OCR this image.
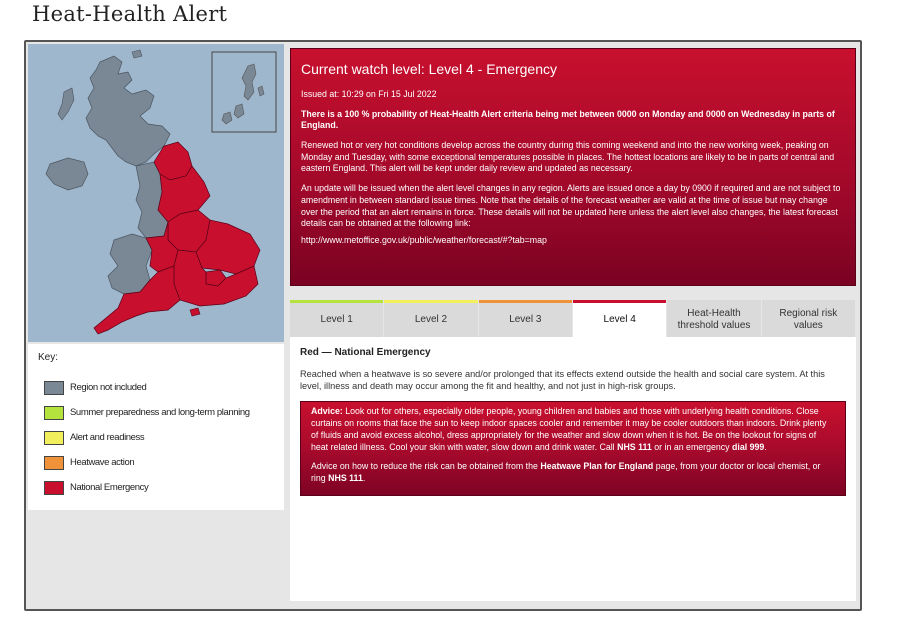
Heat-Health Alert
Key:
Region not included
Summer preparedness and long-term planning
Alert and readiness
Heatwave action
National Emergency
Current watch level: Level 4 - Emergency

Issued at: 10:29 on Fri 15 Jul 2022

There is a 100 % probability of Heat-Health Alert criteria being met between 0000 on Monday and 0000 on Wednesday in parts of England.

Renewed hot or very hot conditions develop across the country during this coming weekend and into the new working week, peaking on Monday and Tuesday, with some exceptional temperatures possible in places. The hottest locations are likely to be in parts of central and eastern England. This alert will be kept under daily review and updated as necessary.

An update will be issued when the alert level changes in any region. Alerts are issued once a day by 0900 if required and are not subject to amendment in between standard issue times. Note that the details of the forecast weather are valid at the time of issue but may change over the period that an alert remains in force. These details will not be updated here unless the alert level also changes, the latest forecast details can be obtained at the following link:

http://www.metoffice.gov.uk/public/weather/forecast/#?tab=map
Level 1	Level 2	Level 3	Level 4
Heat-Health threshold values
Regional risk values
Red — National Emergency

Reached when a heatwave is so severe and/or prolonged that its effects extend outside the health and social care system. At this level, illness and death may occur among the fit and healthy, and not just in high-risk groups.

Advice: Look out for others, especially older people, young children and babies and those with underlying health conditions. Close curtains on rooms that face the sun to keep indoor spaces cooler and remember it may be cooler outdoors than indoors. Drink plenty of fluids and avoid excess alcohol, dress appropriately for the weather and slow down when it is hot. Be on the lookout for signs of heat related illness. Cool your skin with water, slow down and drink water. Call NHS 111 or in an emergency dial 999.

Advice on how to reduce the risk can be obtained from the Heatwave Plan for England page, from your doctor or local chemist, or ring NHS 111.
